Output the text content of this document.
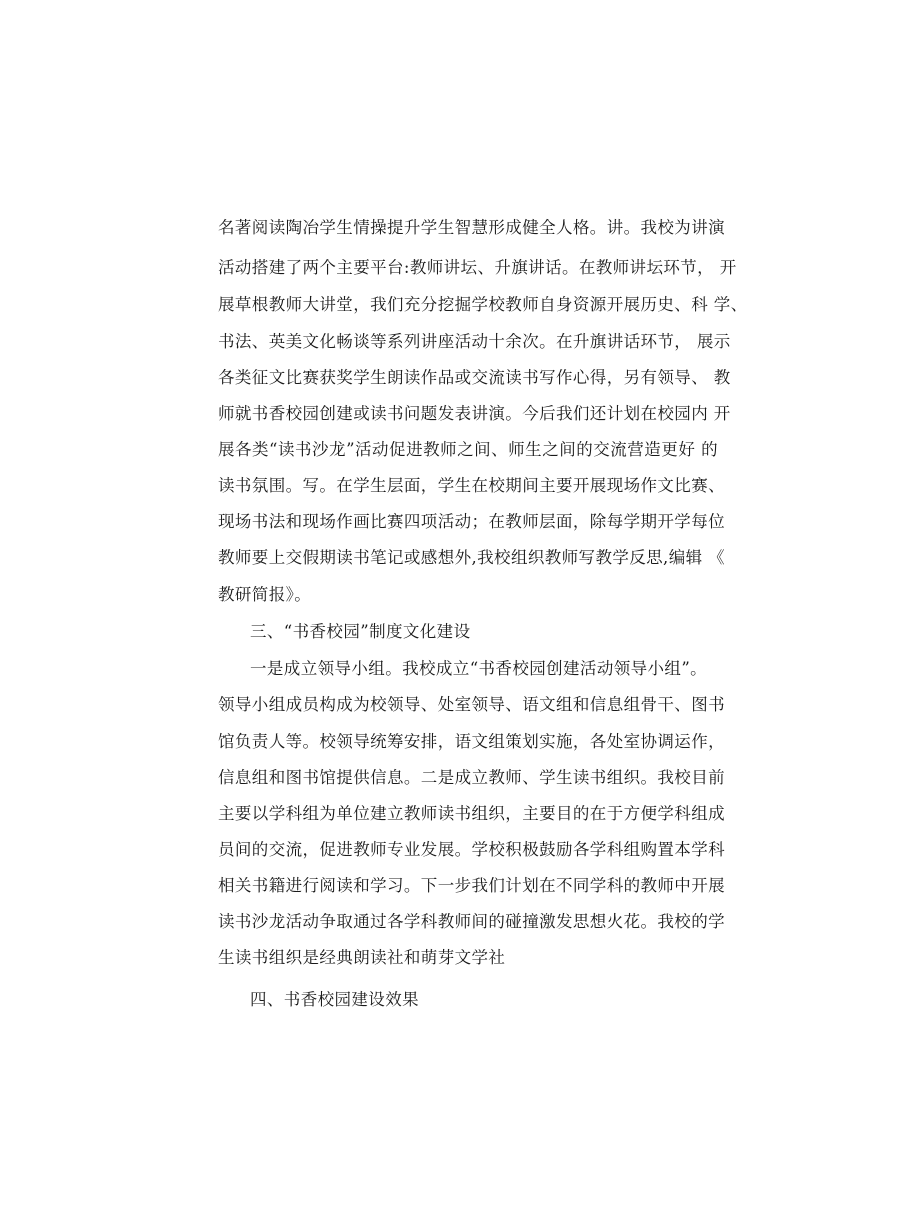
名著阅读陶冶学生情操提升学生智慧形成健全人格。讲。我校为讲演
活动搭建了两个主要平台:教师讲坛、升旗讲话。在教师讲坛环节， 开
展草根教师大讲堂，我们充分挖掘学校教师自身资源开展历史、科 学、
书法、英美文化畅谈等系列讲座活动十余次。在升旗讲话环节， 展示
各类征文比赛获奖学生朗读作品或交流读书写作心得，另有领导、 教
师就书香校园创建或读书问题发表讲演。今后我们还计划在校园内 开
展各类“读书沙龙”活动促进教师之间、师生之间的交流营造更好 的
读书氛围。写。在学生层面，学生在校期间主要开展现场作文比赛、
现场书法和现场作画比赛四项活动；在教师层面，除每学期开学每位
教师要上交假期读书笔记或感想外,我校组织教师写教学反思,编辑 《
教研简报》。
三、“书香校园”制度文化建设
一是成立领导小组。我校成立“书香校园创建活动领导小组”。
领导小组成员构成为校领导、处室领导、语文组和信息组骨干、图书
馆负责人等。校领导统筹安排，语文组策划实施，各处室协调运作，
信息组和图书馆提供信息。二是成立教师、学生读书组织。我校目前
主要以学科组为单位建立教师读书组织，主要目的在于方便学科组成
员间的交流，促进教师专业发展。学校积极鼓励各学科组购置本学科
相关书籍进行阅读和学习。下一步我们计划在不同学科的教师中开展
读书沙龙活动争取通过各学科教师间的碰撞激发思想火花。我校的学
生读书组织是经典朗读社和萌芽文学社
四、书香校园建设效果
